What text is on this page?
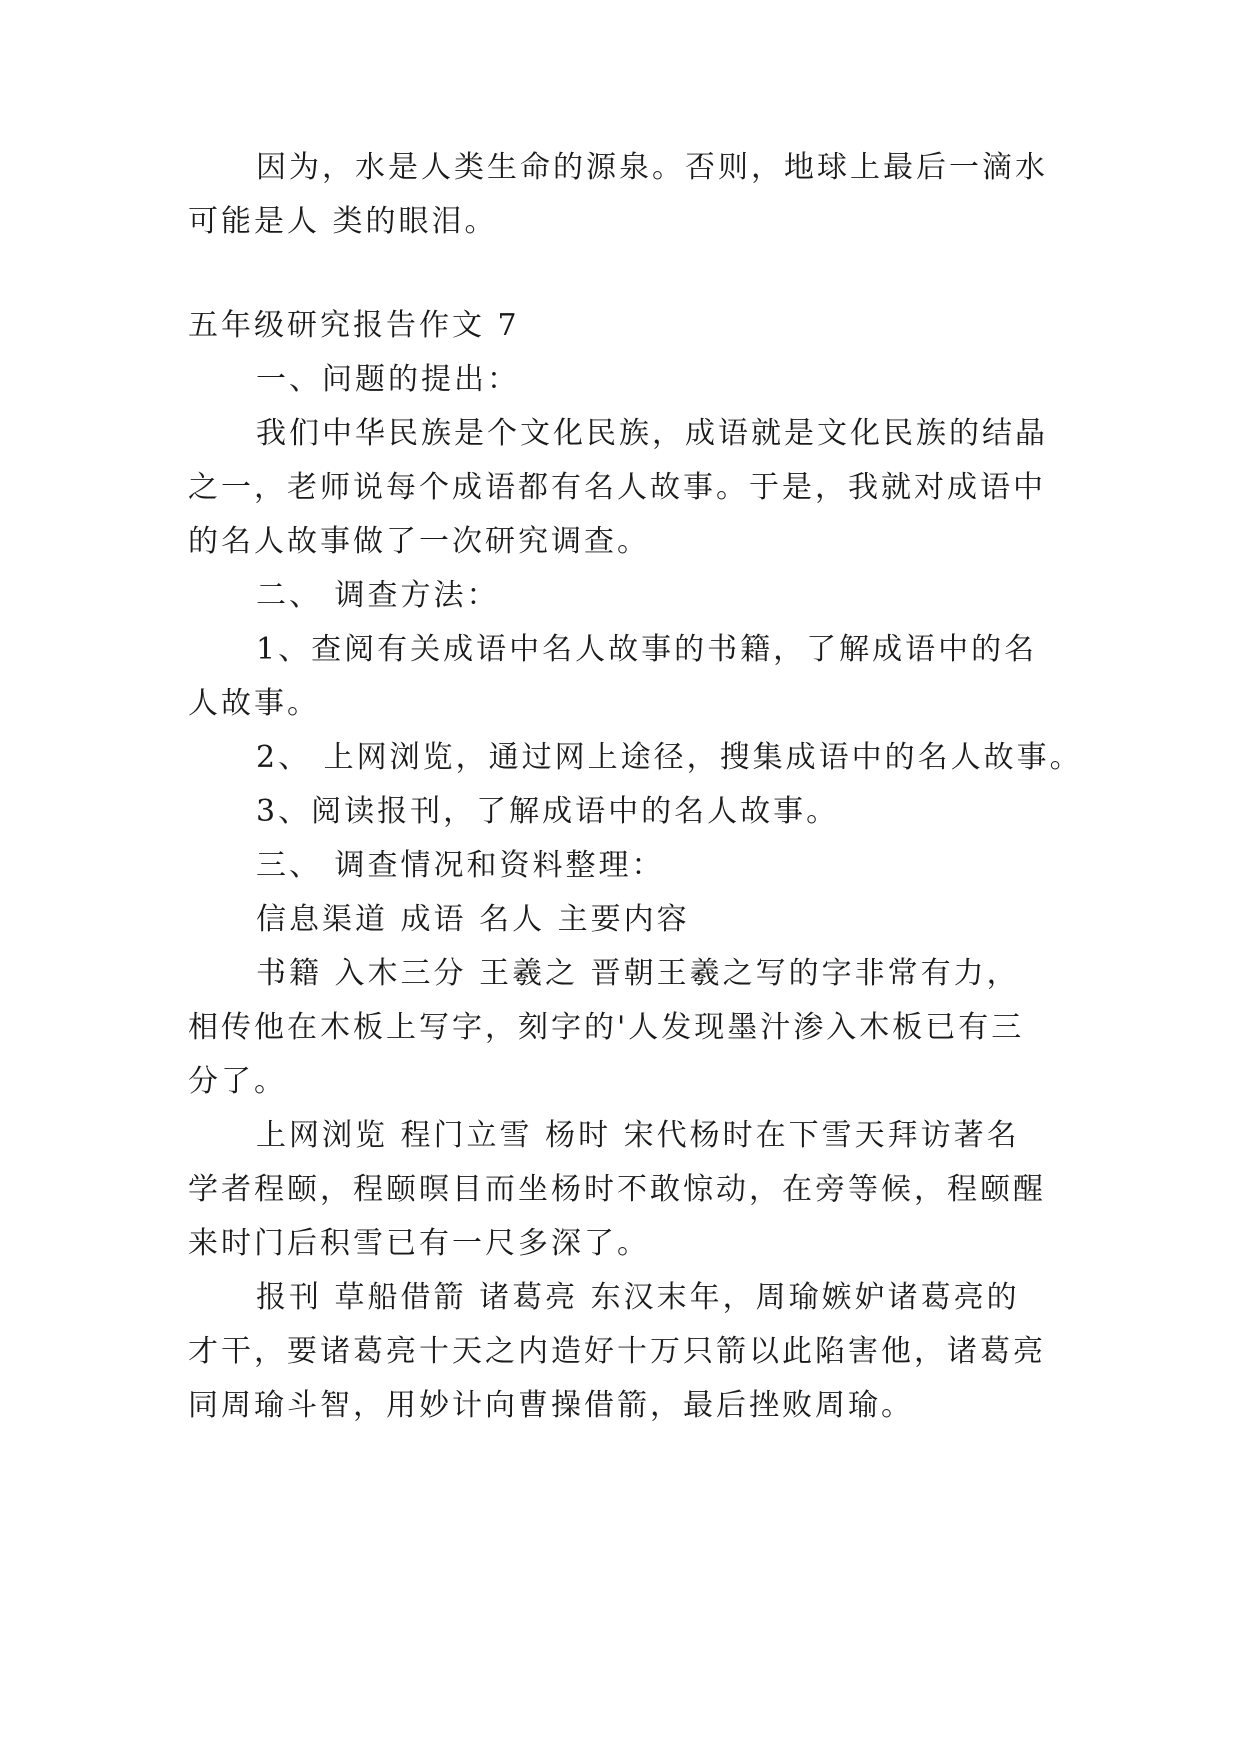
因为，水是人类生命的源泉。否则，地球上最后一滴水
可能是人 类的眼泪。
五年级研究报告作文 7
一、问题的提出：
我们中华民族是个文化民族，成语就是文化民族的结晶
之一，老师说每个成语都有名人故事。于是，我就对成语中
的名人故事做了一次研究调查。
二、 调查方法：
1、查阅有关成语中名人故事的书籍，了解成语中的名
人故事。
2、 上网浏览，通过网上途径，搜集成语中的名人故事。
3、阅读报刊，了解成语中的名人故事。
三、 调查情况和资料整理：
信息渠道 成语 名人 主要内容
书籍 入木三分 王羲之 晋朝王羲之写的字非常有力，
相传他在木板上写字，刻字的'人发现墨汁渗入木板已有三
分了。
上网浏览 程门立雪 杨时 宋代杨时在下雪天拜访著名
学者程颐，程颐暝目而坐杨时不敢惊动，在旁等候，程颐醒
来时门后积雪已有一尺多深了。
报刊 草船借箭 诸葛亮 东汉末年，周瑜嫉妒诸葛亮的
才干，要诸葛亮十天之内造好十万只箭以此陷害他，诸葛亮
同周瑜斗智，用妙计向曹操借箭，最后挫败周瑜。
